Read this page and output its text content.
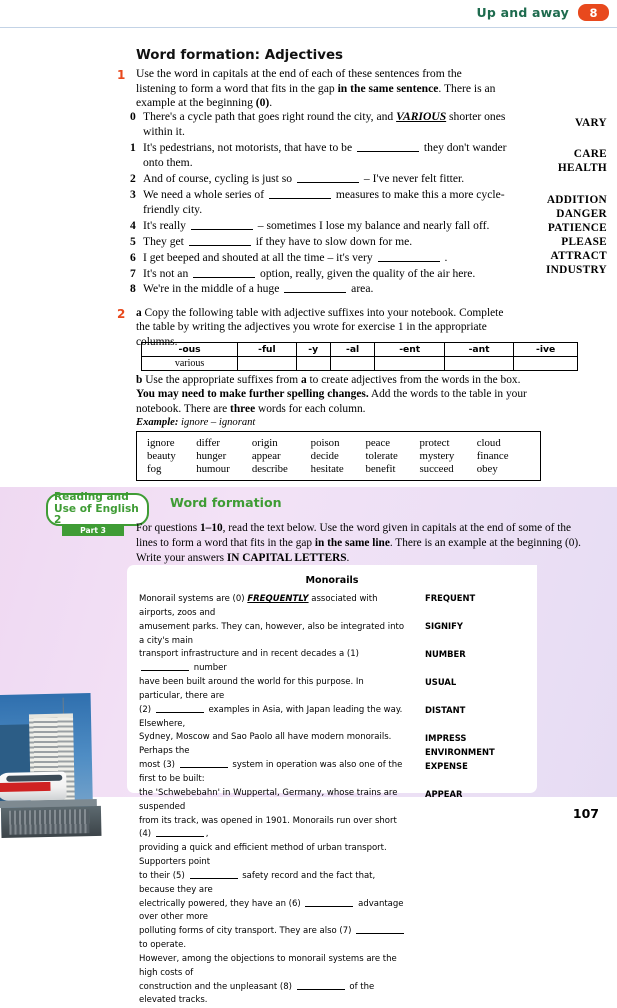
Up and away	8
Word formation: Adjectives
1 Use the word in capitals at the end of each of these sentences from the listening to form a word that fits in the gap in the same sentence. There is an example at the beginning (0).
0 There's a cycle path that goes right round the city, and VARIOUS shorter ones within it.
1 It's pedestrians, not motorists, that have to be	they don't wander onto them.
2 And of course, cycling is just so	– I've never felt fitter.
3 We need a whole series of	measures to make this a more cycle-friendly city.
4 It's really	– sometimes I lose my balance and nearly fall off.
5 They get	if they have to slow down for me.
6 I get beeped and shouted at all the time – it's very	.
7 It's not an	option, really, given the quality of the air here.
8 We're in the middle of a huge	area.
VARY
CARE
HEALTH
ADDITION
DANGER
PATIENCE
PLEASE
ATTRACT
INDUSTRY
2 a Copy the following table with adjective suffixes into your notebook. Complete the table by writing the adjectives you wrote for exercise 1 in the appropriate columns.
-ous	-ful	-y	-al	-ent	-ant	-ive
various						
b Use the appropriate suffixes from a to create adjectives from the words in the box. You may need to make further spelling changes. Add the words to the table in your notebook. There are three words for each column.
Example: ignore – ignorant
ignore	differ	origin	poison	peace	protect	cloud
beauty	hunger	appear	decide	tolerate	mystery	finance
fog	humour	describe	hesitate	benefit	succeed	obey
Reading and
Use of English 2
Part 3
Word formation
For questions 1–10, read the text below. Use the word given in capitals at the end of some of the lines to form a word that fits in the gap in the same line. There is an example at the beginning (0). Write your answers IN CAPITAL LETTERS.
Monorails
Monorail systems are (0) FREQUENTLY associated with airports, zoos and
amusement parks. They can, however, also be integrated into a city's main
transport infrastructure and in recent decades a (1)  number
have been built around the world for this purpose. In particular, there are
(2)	examples in Asia, with Japan leading the way. Elsewhere,
Sydney, Moscow and Sao Paolo all have modern monorails. Perhaps the
most (3)	system in operation was also one of the first to be built:
the 'Schwebebahn' in Wuppertal, Germany, whose trains are suspended
from its track, was opened in 1901. Monorails run over short (4)	,
providing a quick and efficient method of urban transport. Supporters point
to their (5)	safety record and the fact that, because they are
electrically powered, they have an (6)	advantage over other more
polluting forms of city transport. They are also (7)  to operate.
However, among the objections to monorail systems are the high costs of
construction and the unpleasant (8)	of the elevated tracks.
FREQUENT
SIGNIFY
NUMBER
USUAL
DISTANT
IMPRESS
ENVIRONMENT
EXPENSE
APPEAR
107
